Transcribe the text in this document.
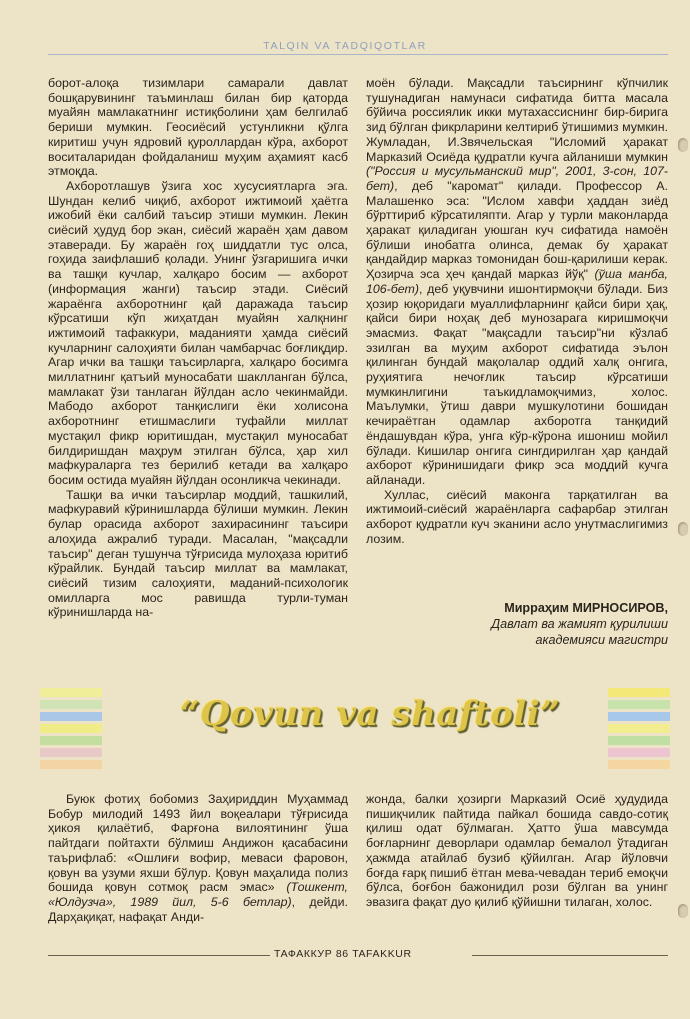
TALQIN VA TADQIQOTLAR

борот-алоқа тизимлари самарали давлат бошқарувининг таъминлаш билан бир қаторда муайян мамлакатнинг истиқболини ҳам белгилаб бериши мумкин. Геосиёсий устунликни қўлга киритиш учун ядровий қуроллардан кўра, ахборот воситаларидан фойдаланиш муҳим аҳамият касб этмоқда.

Ахборотлашув ўзига хос хусусиятларга эга. Шундан келиб чиқиб, ахборот ижтимоий ҳаётга ижобий ёки салбий таъсир этиши мумкин. Лекин сиёсий ҳудуд бор экан, сиёсий жараён ҳам давом этаверади. Бу жараён гоҳ шиддатли тус олса, гоҳида заифлашиб қолади. Унинг ўзгаришига ички ва ташқи кучлар, халқаро босим — ахборот (информация жанги) таъсир этади. Сиёсий жараёнга ахборотнинг қай даражада таъсир кўрсатиши кўп жиҳатдан муайян халқнинг ижтимоий тафаккури, маданияти ҳамда сиёсий кучларнинг салоҳияти билан чамбарчас боғлиқдир. Агар ички ва ташқи таъсирларга, халқаро босимга миллатнинг қатъий муносабати шаклланган бўлса, мамлакат ўзи танлаган йўлдан асло чекинмайди. Мабодо ахборот танқислиги ёки холисона ахборотнинг етишмаслиги туфайли миллат мустақил фикр юритишдан, мустақил муносабат билдиришдан маҳрум этилган бўлса, ҳар хил мафкураларга тез берилиб кетади ва халқаро босим остида муайян йўлдан осонликча чекинади.

Ташқи ва ички таъсирлар моддий, ташкилий, мафкуравий кўринишларда бўлиши мумкин. Лекин булар орасида ахборот захирасининг таъсири алоҳида ажралиб туради. Масалан, "мақсадли таъсир" деган тушунча тўғрисида мулоҳаза юритиб кўрайлик. Бундай таъсир миллат ва мамлакат, сиёсий тизим салоҳияти, маданий-психологик омилларга мос равишда турли-туман кўринишларда на-

моён бўлади. Мақсадли таъсирнинг кўпчилик тушунадиган намунаси сифатида битта масала бўйича россиялик икки мутахассиснинг бир-бирига зид бўлган фикрларини келтириб ўтишимиз мумкин. Жумладан, И.Звячельская "Исломий ҳаракат Марказий Осиёда қудратли кучга айланиши мумкин ("Россия и мусульманский мир", 2001, 3-сон, 107-бет), деб "каромат" қилади. Профессор А. Малашенко эса: "Ислом хавфи ҳаддан зиёд бўрттириб кўрсатиляпти. Агар у турли маконларда ҳаракат қиладиган уюшган куч сифатида намоён бўлиши инобатга олинса, демак бу ҳаракат қандайдир марказ томонидан бош-қарилиши керак. Ҳозирча эса ҳеч қандай марказ йўқ" (ўша манба, 106-бет), деб уқувчини ишонтирмоқчи бўлади. Биз ҳозир юқоридаги муаллифларнинг қайси бири ҳақ, қайси бири ноҳақ деб мунозарага киришмоқчи эмасмиз. Фақат "мақсадли таъсир"ни кўзлаб эзилган ва муҳим ахборот сифатида эълон қилинган бундай мақолалар оддий халқ онгига, руҳиятига нечоғлик таъсир кўрсатиши мумкинлигини таъкидламоқчимиз, холос. Маълумки, ўтиш даври мушкулотини бошидан кечираётган одамлар ахборотга танқидий ёндашувдан кўра, унга кўр-кўрона ишониш мойил бўлади. Кишилар онгига сингдирилган ҳар қандай ахборот кўринишидаги фикр эса моддий кучга айланади.

Хуллас, сиёсий маконга тарқатилган ва ижтимоий-сиёсий жараёнларга сафарбар этилган ахборот қудратли куч эканини асло унутмаслигимиз лозим.

Мирраҳим МИРНОСИРОВ,
Давлат ва жамият қурилиши
академияси магистри
“Qovun va shaftoli”

Буюк фотиҳ бобомиз Заҳириддин Муҳаммад Бобур милодий 1493 йил воқеалари тўғрисида ҳикоя қилаётиб, Фарғона вилоятининг ўша пайтдаги пойтахти бўлмиш Андижон қасабасини таърифлаб: «Ошлиғи вофир, меваси фаровон, қовун ва узуми яхши бўлур. Қовун маҳалида полиз бошида қовун сотмоқ расм эмас» (Тошкент, «Юлдузча», 1989 йил, 5-6 бетлар), дейди. Дарҳақиқат, нафақат Анди-

жонда, балки ҳозирги Марказий Осиё ҳудудида пишиқчилик пайтида пайкал бошида савдо-сотиқ қилиш одат бўлмаган. Ҳатто ўша мавсумда боғларнинг деворлари одамлар бемалол ўтадиган ҳажмда атайлаб бузиб қўйилган. Агар йўловчи боғда ғарқ пишиб ётган мева-чевадан териб емоқчи бўлса, боғбон бажонидил рози бўлган ва унинг эвазига фақат дуо қилиб қўйишни тилаган, холос.

ТАФАККУР 86 TAFAKKUR
